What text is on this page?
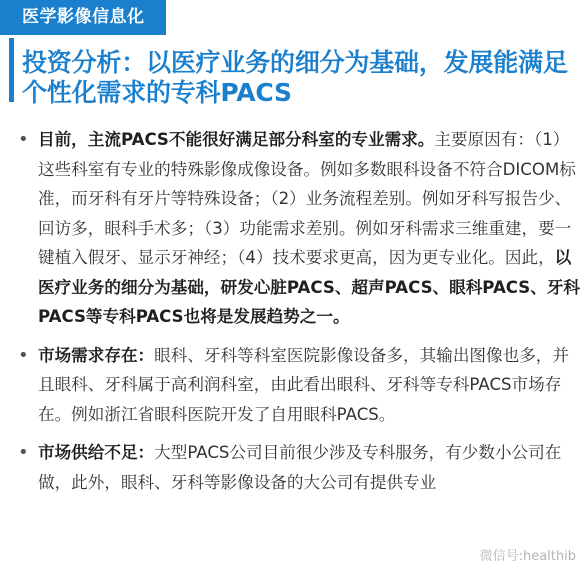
医学影像信息化
投资分析：以医疗业务的细分为基础，发展能满足个性化需求的专科PACS
• 目前，主流PACS不能很好满足部分科室的专业需求。主要原因有：（1）这些科室有专业的特殊影像成像设备。例如多数眼科设备不符合DICOM标准，而牙科有牙片等特殊设备；（2）业务流程差别。例如牙科写报告少、回访多，眼科手术多；（3）功能需求差别。例如牙科需求三维重建，要一键植入假牙、显示牙神经；（4）技术要求更高，因为更专业化。因此，以医疗业务的细分为基础，研发心脏PACS、超声PACS、眼科PACS、牙科PACS等专科PACS也将是发展趋势之一。
• 市场需求存在：眼科、牙科等科室医院影像设备多，其输出图像也多，并且眼科、牙科属于高利润科室，由此看出眼科、牙科等专科PACS市场存在。例如浙江省眼科医院开发了自用眼科PACS。
• 市场供给不足：大型PACS公司目前很少涉及专科服务，有少数小公司在做，此外，眼科、牙科等影像设备的大公司有提供专业
微信号:healthib
